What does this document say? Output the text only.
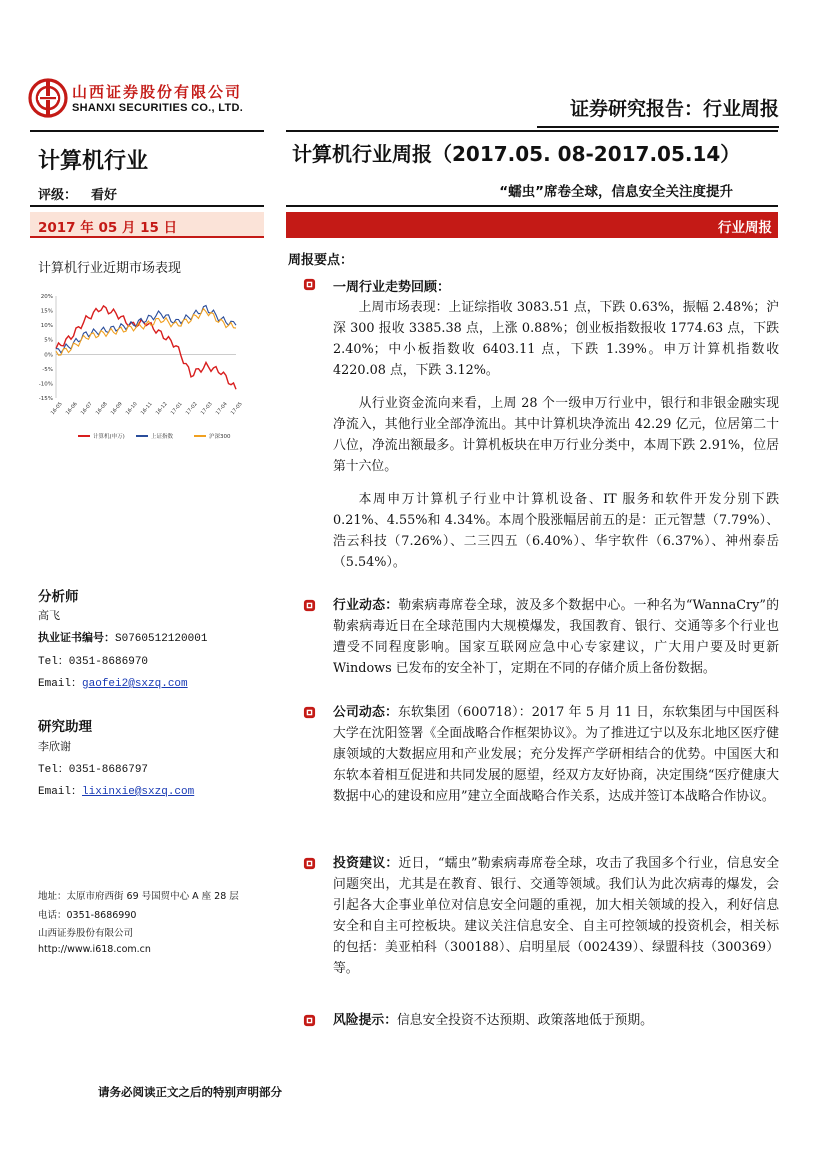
山西证券股份有限公司
SHANXI SECURITIES CO., LTD.	证券研究报告：行业周报
计算机行业	计算机行业周报（2017.05. 08-2017.05.14）
评级： 看好	“蠕虫”席卷全球，信息安全关注度提升
2017 年 05 月 15 日	行业周报
计算机行业近期市场表现
20%
15%
10%
5%
0%
-5%
-10%
-15%
16-05 16-06 16-07 16-08 16-09 16-10 16-11 16-12 17-01 17-02 17-03 17-04 17-05
计算机(申万)	上证指数	沪深300
分析师
高飞
执业证书编号：S0760512120001
Tel：0351-8686970
Email：gaofei2@sxzq.com
研究助理
李欣谢
Tel：0351-8686797
Email：lixinxie@sxzq.com
地址：太原市府西街 69 号国贸中心 A 座 28 层
电话：0351-8686990
山西证券股份有限公司
http://www.i618.com.cn
周报要点：
一周行业走势回顾：
上周市场表现：上证综指收 3083.51 点，下跌 0.63%，振幅 2.48%；沪深 300 报收 3385.38 点，上涨 0.88%；创业板指数报收 1774.63 点，下跌 2.40%；中小板指数收 6403.11 点，下跌 1.39%。申万计算机指数收 4220.08 点，下跌 3.12%。
从行业资金流向来看，上周 28 个一级申万行业中，银行和非银金融实现净流入，其他行业全部净流出。其中计算机块净流出 42.29 亿元，位居第二十八位，净流出额最多。计算机板块在申万行业分类中，本周下跌 2.91%，位居第十六位。
本周申万计算机子行业中计算机设备、IT 服务和软件开发分别下跌 0.21%、4.55%和 4.34%。本周个股涨幅居前五的是：正元智慧（7.79%）、浩云科技（7.26%）、二三四五（6.40%）、华宇软件（6.37%）、神州泰岳（5.54%）。
行业动态：勒索病毒席卷全球，波及多个数据中心。一种名为“WannaCry”的勒索病毒近日在全球范围内大规模爆发，我国教育、银行、交通等多个行业也遭受不同程度影响。国家互联网应急中心专家建议，广大用户要及时更新 Windows 已发布的安全补丁，定期在不同的存储介质上备份数据。
公司动态：东软集团（600718）：2017 年 5 月 11 日，东软集团与中国医科大学在沈阳签署《全面战略合作框架协议》。为了推进辽宁以及东北地区医疗健康领域的大数据应用和产业发展；充分发挥产学研相结合的优势。中国医大和东软本着相互促进和共同发展的愿望，经双方友好协商，决定围绕“医疗健康大数据中心的建设和应用”建立全面战略合作关系，达成并签订本战略合作协议。
投资建议：近日，“蠕虫”勒索病毒席卷全球，攻击了我国多个行业，信息安全问题突出，尤其是在教育、银行、交通等领域。我们认为此次病毒的爆发，会引起各大企事业单位对信息安全问题的重视，加大相关领域的投入，利好信息安全和自主可控板块。建议关注信息安全、自主可控领域的投资机会，相关标的包括：美亚柏科（300188）、启明星辰（002439）、绿盟科技（300369）等。
风险提示：信息安全投资不达预期、政策落地低于预期。
请务必阅读正文之后的特别声明部分
